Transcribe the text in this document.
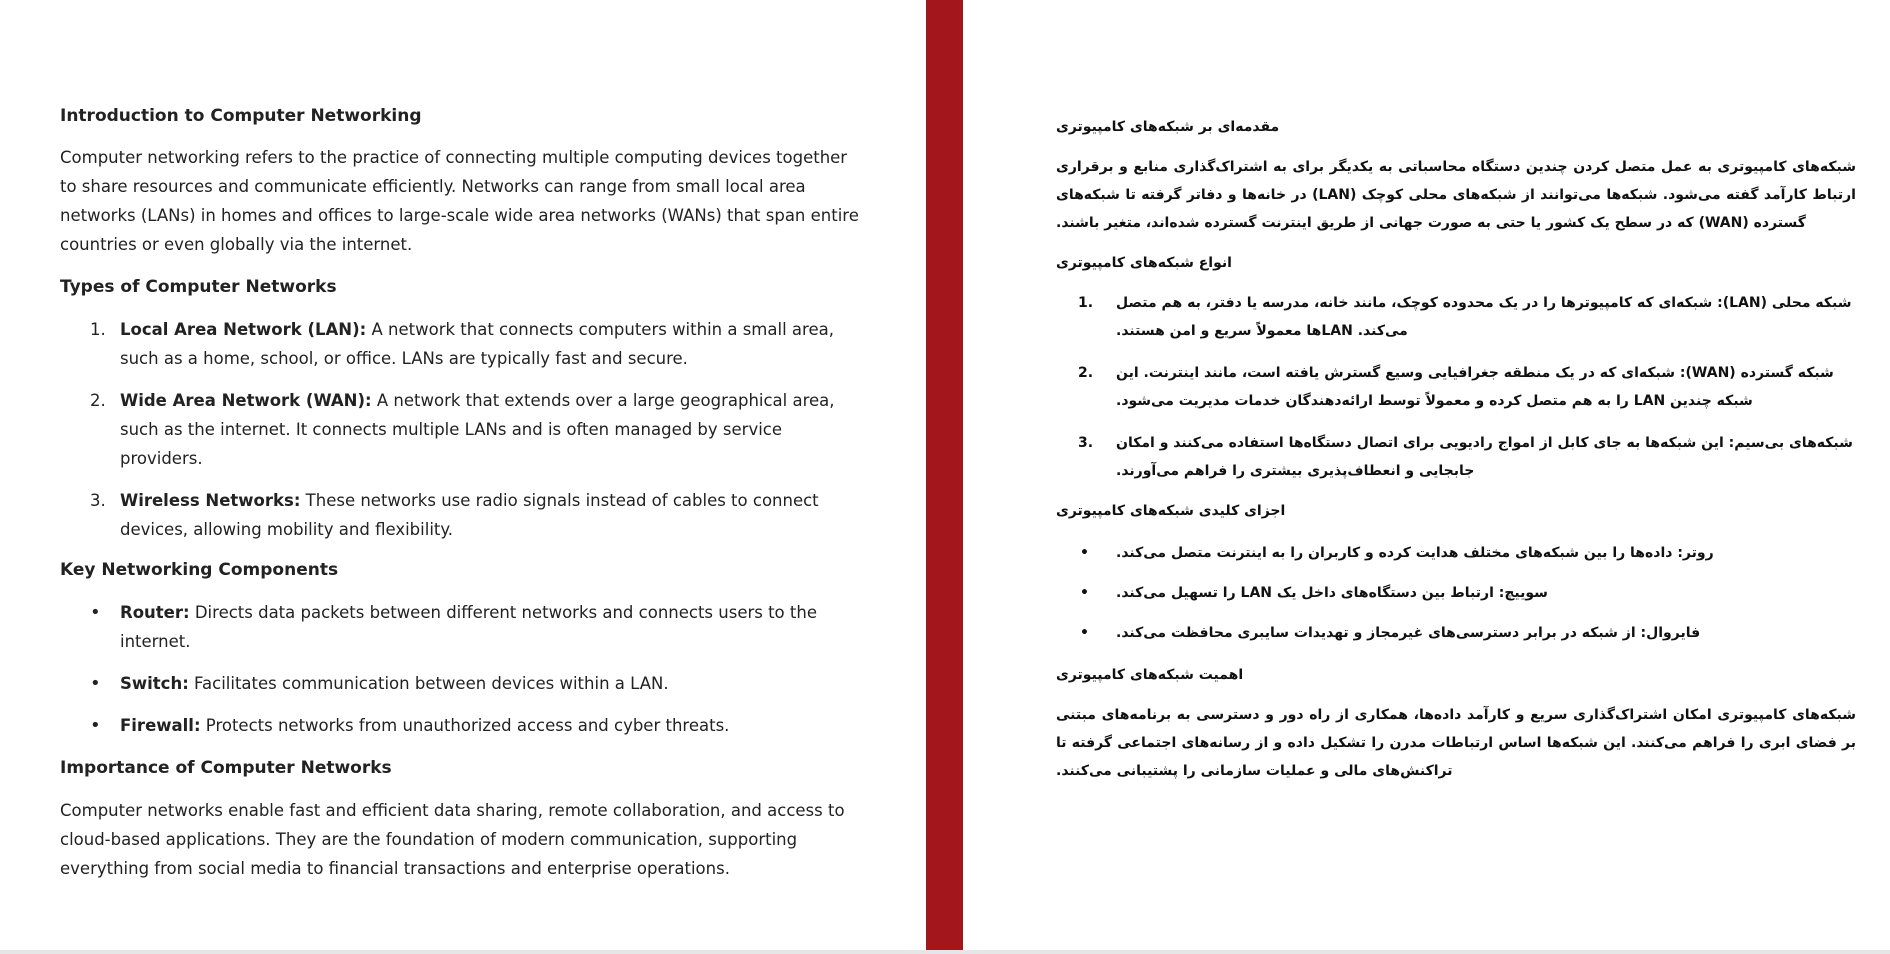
Introduction to Computer Networking

Computer networking refers to the practice of connecting multiple computing devices together to share resources and communicate efficiently. Networks can range from small local area networks (LANs) in homes and offices to large-scale wide area networks (WANs) that span entire countries or even globally via the internet.

Types of Computer Networks
1. Local Area Network (LAN): A network that connects computers within a small area, such as a home, school, or office. LANs are typically fast and secure.
2. Wide Area Network (WAN): A network that extends over a large geographical area, such as the internet. It connects multiple LANs and is often managed by service providers.
3. Wireless Networks: These networks use radio signals instead of cables to connect devices, allowing mobility and flexibility.
Key Networking Components
• Router: Directs data packets between different networks and connects users to the internet.
• Switch: Facilitates communication between devices within a LAN.
• Firewall: Protects networks from unauthorized access and cyber threats.
Importance of Computer Networks

Computer networks enable fast and efficient data sharing, remote collaboration, and access to cloud-based applications. They are the foundation of modern communication, supporting everything from social media to financial transactions and enterprise operations.

مقدمه‌ای بر شبکه‌های کامپیوتری

شبکه‌های کامپیوتری به عمل متصل کردن چندین دستگاه محاسباتی به یکدیگر برای به اشتراک‌گذاری منابع و برقراری ارتباط کارآمد گفته می‌شود. شبکه‌ها می‌توانند از شبکه‌های محلی کوچک (LAN) در خانه‌ها و دفاتر گرفته تا شبکه‌های گسترده (WAN) که در سطح یک کشور یا حتی به صورت جهانی از طریق اینترنت گسترده شده‌اند، متغیر باشند.

انواع شبکه‌های کامپیوتری
1. شبکه محلی (LAN): شبکه‌ای که کامپیوترها را در یک محدوده کوچک، مانند خانه، مدرسه یا دفتر، به هم متصل می‌کند. LANها معمولاً سریع و امن هستند.
2. شبکه گسترده (WAN): شبکه‌ای که در یک منطقه جغرافیایی وسیع گسترش یافته است، مانند اینترنت. این شبکه چندین LAN را به هم متصل کرده و معمولاً توسط ارائه‌دهندگان خدمات مدیریت می‌شود.
3. شبکه‌های بی‌سیم: این شبکه‌ها به جای کابل از امواج رادیویی برای اتصال دستگاه‌ها استفاده می‌کنند و امکان جابجایی و انعطاف‌پذیری بیشتری را فراهم می‌آورند.
اجزای کلیدی شبکه‌های کامپیوتری
• روتر: داده‌ها را بین شبکه‌های مختلف هدایت کرده و کاربران را به اینترنت متصل می‌کند.
• سوییچ: ارتباط بین دستگاه‌های داخل یک LAN را تسهیل می‌کند.
• فایروال: از شبکه در برابر دسترسی‌های غیرمجاز و تهدیدات سایبری محافظت می‌کند.
اهمیت شبکه‌های کامپیوتری

شبکه‌های کامپیوتری امکان اشتراک‌گذاری سریع و کارآمد داده‌ها، همکاری از راه دور و دسترسی به برنامه‌های مبتنی بر فضای ابری را فراهم می‌کنند. این شبکه‌ها اساس ارتباطات مدرن را تشکیل داده و از رسانه‌های اجتماعی گرفته تا تراکنش‌های مالی و عملیات سازمانی را پشتیبانی می‌کنند.
